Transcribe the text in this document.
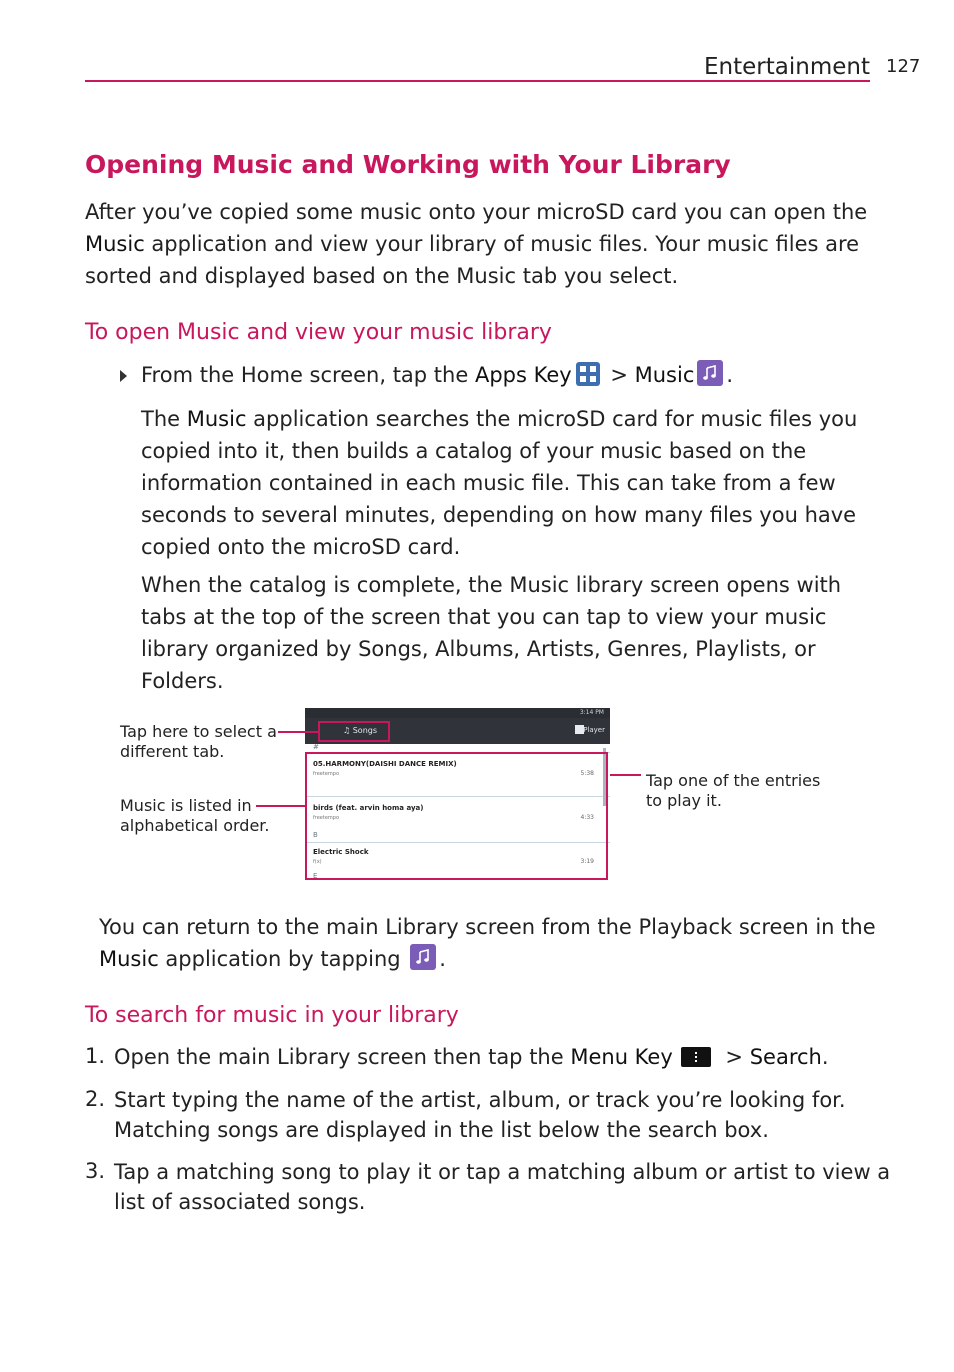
Entertainment 127
Opening Music and Working with Your Library
After you’ve copied some music onto your microSD card you can open the
Music application and view your library of music files. Your music files are
sorted and displayed based on the Music tab you select.
To open Music and view your music library
From the Home screen, tap the Apps Key
> Music .
The Music application searches the microSD card for music files you
copied into it, then builds a catalog of your music based on the
information contained in each music file. This can take from a few
seconds to several minutes, depending on how many files you have
copied onto the microSD card.
When the catalog is complete, the Music library screen opens with
tabs at the top of the screen that you can tap to view your music
library organized by Songs, Albums, Artists, Genres, Playlists, or
Folders.
3:14 PM
♫ Songs	Player
#
05.HARMONY(DAISHI DANCE REMIX)
freetempo	5:38
birds (feat. arvin homa aya)
freetempo	4:33
B
Electric Shock
f(x)	3:19
E
Tap here to select a
different tab.
Music is listed in
alphabetical order.
Tap one of the entries
to play it.
You can return to the main Library screen from the Playback screen in the
Music application by tapping
.
To search for music in your library
1. Open the main Library screen then tap the Menu Key
> Search.
2. Start typing the name of the artist, album, or track you’re looking for.
Matching songs are displayed in the list below the search box.
3. Tap a matching song to play it or tap a matching album or artist to view a
list of associated songs.
